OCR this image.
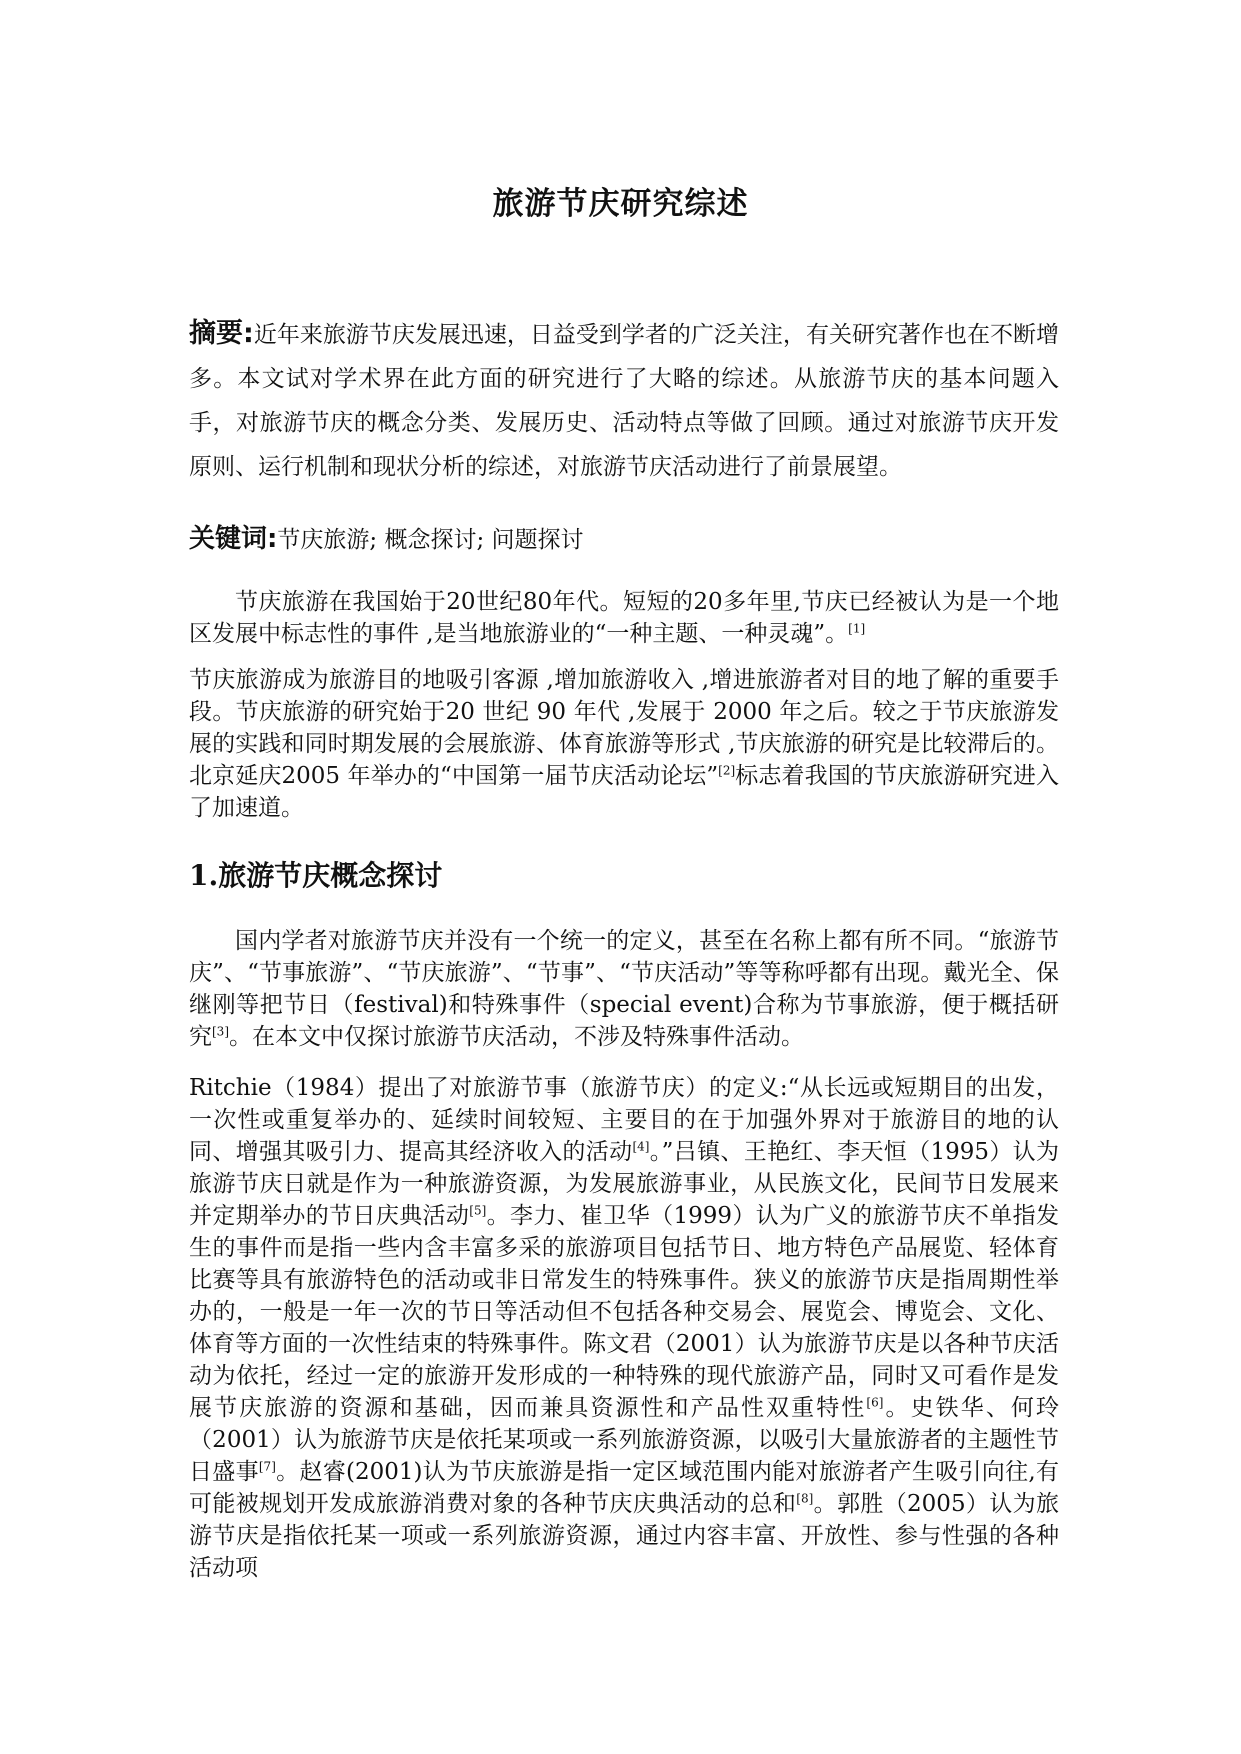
旅游节庆研究综述

摘要:近年来旅游节庆发展迅速，日益受到学者的广泛关注，有关研究著作也在不断增多。本文试对学术界在此方面的研究进行了大略的综述。从旅游节庆的基本问题入手，对旅游节庆的概念分类、发展历史、活动特点等做了回顾。通过对旅游节庆开发原则、运行机制和现状分析的综述，对旅游节庆活动进行了前景展望。

关键词:节庆旅游; 概念探讨; 问题探讨

节庆旅游在我国始于20世纪80年代。短短的20多年里,节庆已经被认为是一个地区发展中标志性的事件 ,是当地旅游业的“一种主题、一种灵魂”。[1]

节庆旅游成为旅游目的地吸引客源 ,增加旅游收入 ,增进旅游者对目的地了解的重要手段。节庆旅游的研究始于20 世纪 90 年代 ,发展于 2000 年之后。较之于节庆旅游发展的实践和同时期发展的会展旅游、体育旅游等形式 ,节庆旅游的研究是比较滞后的。北京延庆2005 年举办的“中国第一届节庆活动论坛”[2]标志着我国的节庆旅游研究进入了加速道。

1.旅游节庆概念探讨

国内学者对旅游节庆并没有一个统一的定义，甚至在名称上都有所不同。“旅游节庆”、“节事旅游”、“节庆旅游”、“节事”、“节庆活动”等等称呼都有出现。戴光全、保继刚等把节日（festival)和特殊事件（special event)合称为节事旅游，便于概括研究[3]。在本文中仅探讨旅游节庆活动，不涉及特殊事件活动。

Ritchie（1984）提出了对旅游节事（旅游节庆）的定义:“从长远或短期目的出发，一次性或重复举办的、延续时间较短、主要目的在于加强外界对于旅游目的地的认同、增强其吸引力、提高其经济收入的活动[4]。”吕镇、王艳红、李天恒（1995）认为旅游节庆日就是作为一种旅游资源，为发展旅游事业，从民族文化，民间节日发展来并定期举办的节日庆典活动[5]。李力、崔卫华（1999）认为广义的旅游节庆不单指发生的事件而是指一些内含丰富多采的旅游项目包括节日、地方特色产品展览、轻体育比赛等具有旅游特色的活动或非日常发生的特殊事件。狭义的旅游节庆是指周期性举办的，一般是一年一次的节日等活动但不包括各种交易会、展览会、博览会、文化、体育等方面的一次性结束的特殊事件。陈文君（2001）认为旅游节庆是以各种节庆活动为依托，经过一定的旅游开发形成的一种特殊的现代旅游产品，同时又可看作是发展节庆旅游的资源和基础，因而兼具资源性和产品性双重特性[6]。史铁华、何玲（2001）认为旅游节庆是依托某项或一系列旅游资源，以吸引大量旅游者的主题性节日盛事[7]。赵睿(2001)认为节庆旅游是指一定区域范围内能对旅游者产生吸引向往,有可能被规划开发成旅游消费对象的各种节庆庆典活动的总和[8]。郭胜（2005）认为旅游节庆是指依托某一项或一系列旅游资源，通过内容丰富、开放性、参与性强的各种活动项
